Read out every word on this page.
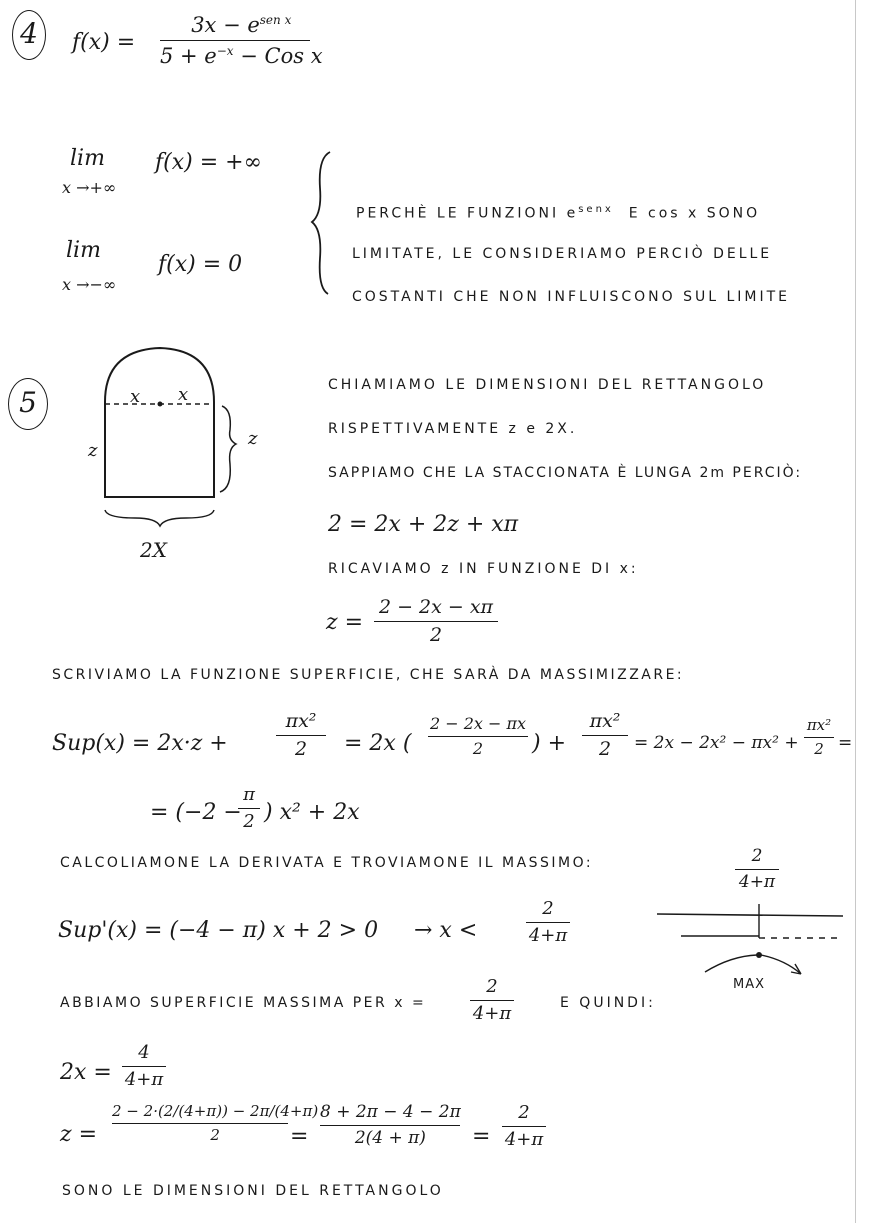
4	f(x) =
$3x - e^{sen x}$
$5 + e^{-x}$ − Cos x
lim
x →+∞
f(x) = +∞
lim
x →−∞
f(x) = 0
PERCHÈ LE FUNZIONI $e^{senx}$ E cos x SONO
LIMITATE, LE CONSIDERIAMO PERCIÒ DELLE
COSTANTI CHE NON INFLUISCONO SUL LIMITE
5	x x
z
z
2X
CHIAMIAMO LE DIMENSIONI DEL RETTANGOLO
RISPETTIVAMENTE z e 2X.
SAPPIAMO CHE LA STACCIONATA È LUNGA 2m PERCIÒ:
2 = 2x + 2z + xπ
RICAVIAMO z IN FUNZIONE DI x:
z =
2 − 2x − xπ
2
SCRIVIAMO LA FUNZIONE SUPERFICIE, CHE SARÀ DA MASSIMIZZARE:
Sup(x) = 2x·z +
πx²
2	= 2x (
2 − 2x − πx
2	) +
πx²
2	= 2x − 2x² − πx² +
πx²
2 =
= (−2 −
π
2 ) x² + 2x
CALCOLIAMONE LA DERIVATA E TROVIAMONE IL MASSIMO:
Sup'(x) = (−4 − π) x + 2 > 0 → x <
2
4+π
2
4+π
MAX
ABBIAMO SUPERFICIE MASSIMA PER x =
2
4+π	E QUINDI:
2x =
4
4+π
z =
2 − 2·(2/(4+π)) − 2π/(4+π)
2	=
8 + 2π − 4 − 2π
2(4 + π)	=
2
4+π
SONO LE DIMENSIONI DEL RETTANGOLO
